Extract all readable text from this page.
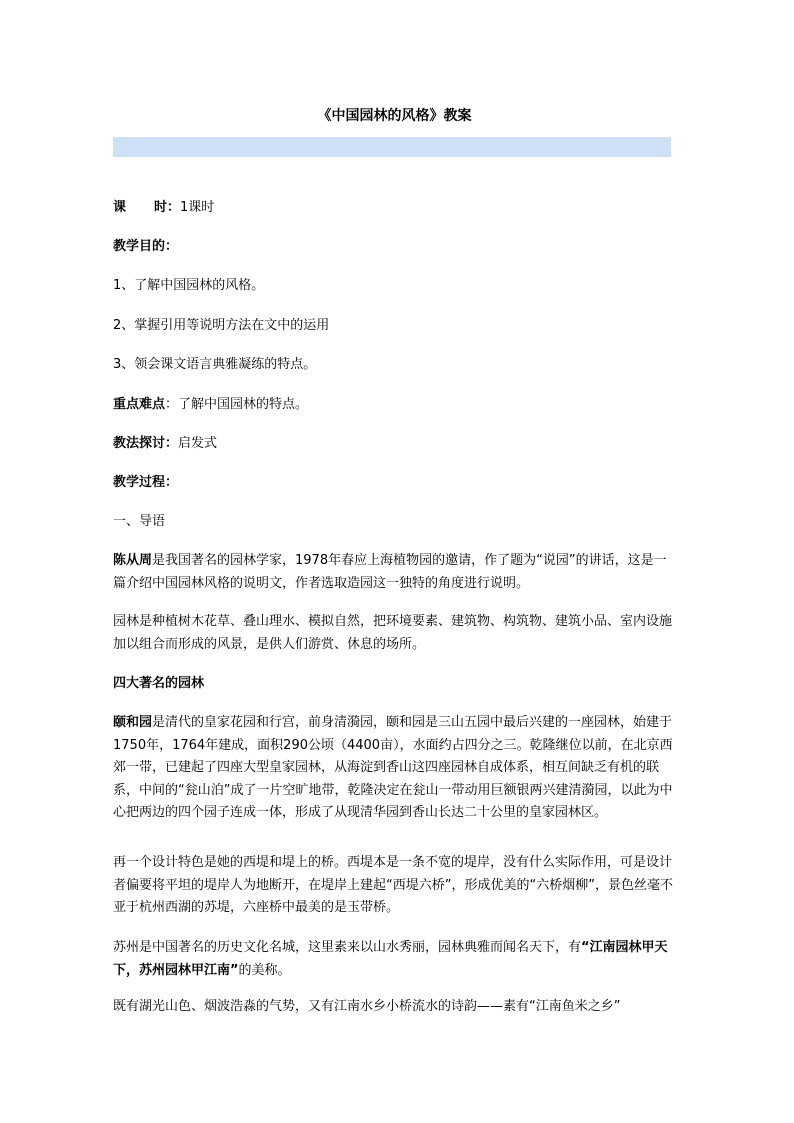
《中国园林的风格》教案
课 时：1课时
教学目的：
1、了解中国园林的风格。
2、掌握引用等说明方法在文中的运用
3、领会课文语言典雅凝练的特点。
重点难点：了解中国园林的特点。
教法探讨：启发式
教学过程：
一、导语
陈从周是我国著名的园林学家，1978年春应上海植物园的邀请，作了题为“说园”的讲话，这是一篇介绍中国园林风格的说明文，作者选取造园这一独特的角度进行说明。
园林是种植树木花草、叠山理水、模拟自然，把环境要素、建筑物、构筑物、建筑小品、室内设施加以组合而形成的风景，是供人们游赏、休息的场所。
四大著名的园林
颐和园是清代的皇家花园和行宫，前身清漪园，颐和园是三山五园中最后兴建的一座园林，始建于1750年，1764年建成，面积290公顷（4400亩），水面约占四分之三。乾隆继位以前，在北京西郊一带，已建起了四座大型皇家园林，从海淀到香山这四座园林自成体系，相互间缺乏有机的联系，中间的“瓮山泊”成了一片空旷地带，乾隆决定在瓮山一带动用巨额银两兴建清漪园，以此为中心把两边的四个园子连成一体，形成了从现清华园到香山长达二十公里的皇家园林区。
再一个设计特色是她的西堤和堤上的桥。西堤本是一条不宽的堤岸，没有什么实际作用，可是设计者偏要将平坦的堤岸人为地断开，在堤岸上建起“西堤六桥”，形成优美的“六桥烟柳”，景色丝毫不亚于杭州西湖的苏堤，六座桥中最美的是玉带桥。
苏州是中国著名的历史文化名城，这里素来以山水秀丽，园林典雅而闻名天下，有“江南园林甲天下，苏州园林甲江南”的美称。
既有湖光山色、烟波浩淼的气势，又有江南水乡小桥流水的诗韵——素有“江南鱼米之乡”
